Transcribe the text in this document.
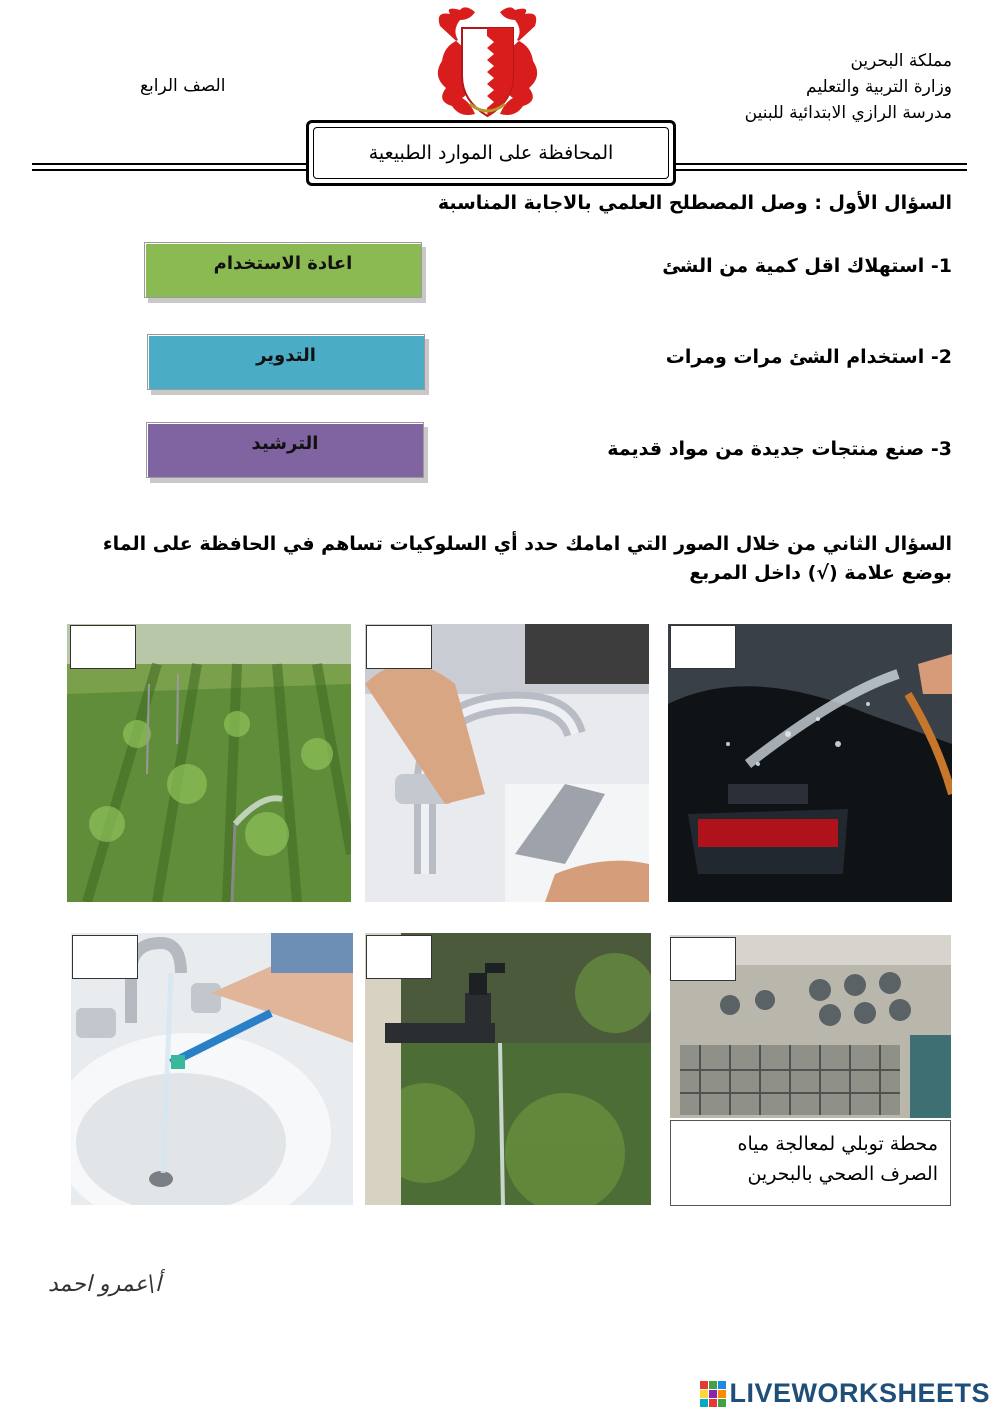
مملكة البحرين
وزارة التربية والتعليم
مدرسة الرازي الابتدائية للبنين
الصف الرابع
المحافظة على الموارد الطبيعية
السؤال الأول : وصل المصطلح العلمي بالاجابة المناسبة
1- استهلاك اقل كمية من الشئ
2- استخدام الشئ مرات ومرات
3- صنع منتجات جديدة من مواد قديمة
اعادة الاستخدام
التدوير
الترشيد
السؤال الثاني من خلال الصور التي امامك حدد أي السلوكيات تساهم في الحافظة على الماء بوضع علامة (√) داخل المربع
محطة توبلي لمعالجة مياه الصرف الصحي بالبحرين
أ\عمرو احمد
LIVEWORKSHEETS
